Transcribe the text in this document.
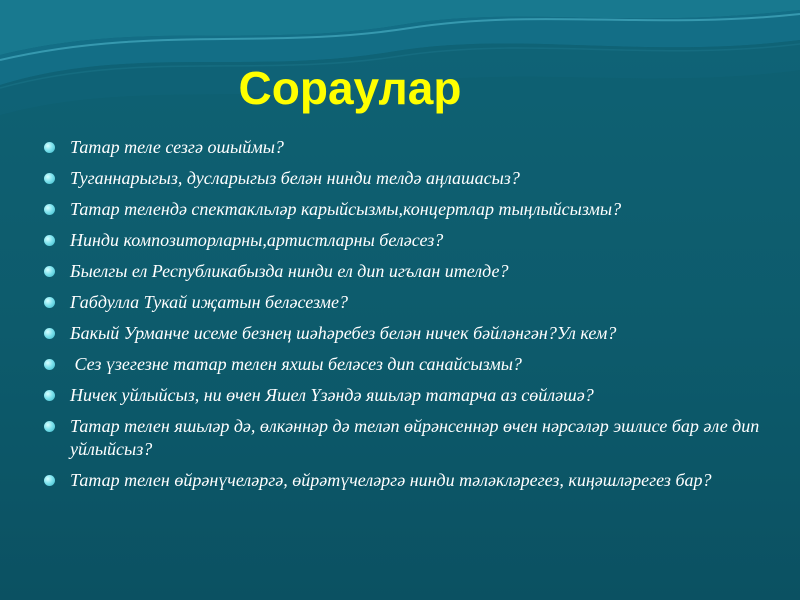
Сораулар
Татар теле сезгә ошыймы?
Туганнарыгыз, дусларыгыз белән нинди телдә аңлашасыз?
Татар телендә спектакльләр карыйсызмы,концертлар тыңлыйсызмы?
Нинди композиторларны,артистларны беләсез?
Быелгы ел Республикабызда нинди ел дип игълан ителде?
Габдулла Тукай иҗатын беләсезме?
Бакый Урманче исеме безнең шәһәребез белән ничек бәйләнгән?Ул кем?
Сез үзегезне татар телен яхшы беләсез дип санайсызмы?
Ничек уйлыйсыз, ни өчен Яшел Үзәндә яшьләр татарча аз сөйләшә?
Татар телен яшьләр дә, өлкәннәр дә теләп өйрәнсеннәр өчен нәрсәләр эшлисе бар әле дип уйлыйсыз?
Татар телен өйрәнүчеләргә, өйрәтүчеләргә нинди тәләкләрегез, киңәшләрегез бар?
